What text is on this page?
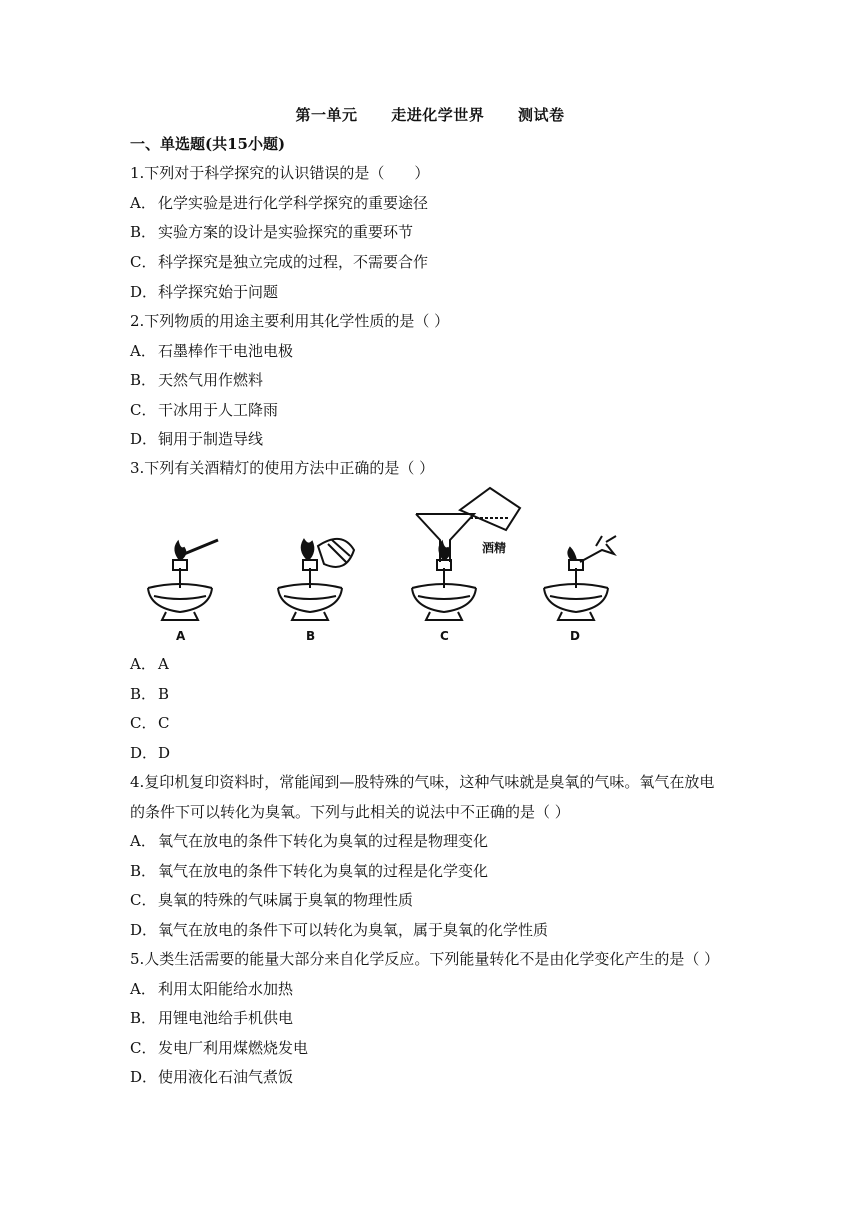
第一单元 走进化学世界 测试卷
一、单选题(共15小题)
1.下列对于科学探究的认识错误的是（　　）
A． 化学实验是进行化学科学探究的重要途径
B． 实验方案的设计是实验探究的重要环节
C． 科学探究是独立完成的过程，不需要合作
D．科学探究始于问题
2.下列物质的用途主要利用其化学性质的是（ ）
A． 石墨棒作干电池电极
B． 天然气用作燃料
C． 干冰用于人工降雨
D．铜用于制造导线
3.下列有关酒精灯的使用方法中正确的是（ ）
酒精
A	B	C	D
A． A
B． B
C． C
D．D
4.复印机复印资料时，常能闻到—股特殊的气味，这种气味就是臭氧的气味。氧气在放电
的条件下可以转化为臭氧。下列与此相关的说法中不正确的是（ ）
A． 氧气在放电的条件下转化为臭氧的过程是物理变化
B． 氧气在放电的条件下转化为臭氧的过程是化学变化
C． 臭氧的特殊的气味属于臭氧的物理性质
D．氧气在放电的条件下可以转化为臭氧，属于臭氧的化学性质
5.人类生活需要的能量大部分来自化学反应。下列能量转化不是由化学变化产生的是（ ）
A． 利用太阳能给水加热
B． 用锂电池给手机供电
C． 发电厂利用煤燃烧发电
D．使用液化石油气煮饭
